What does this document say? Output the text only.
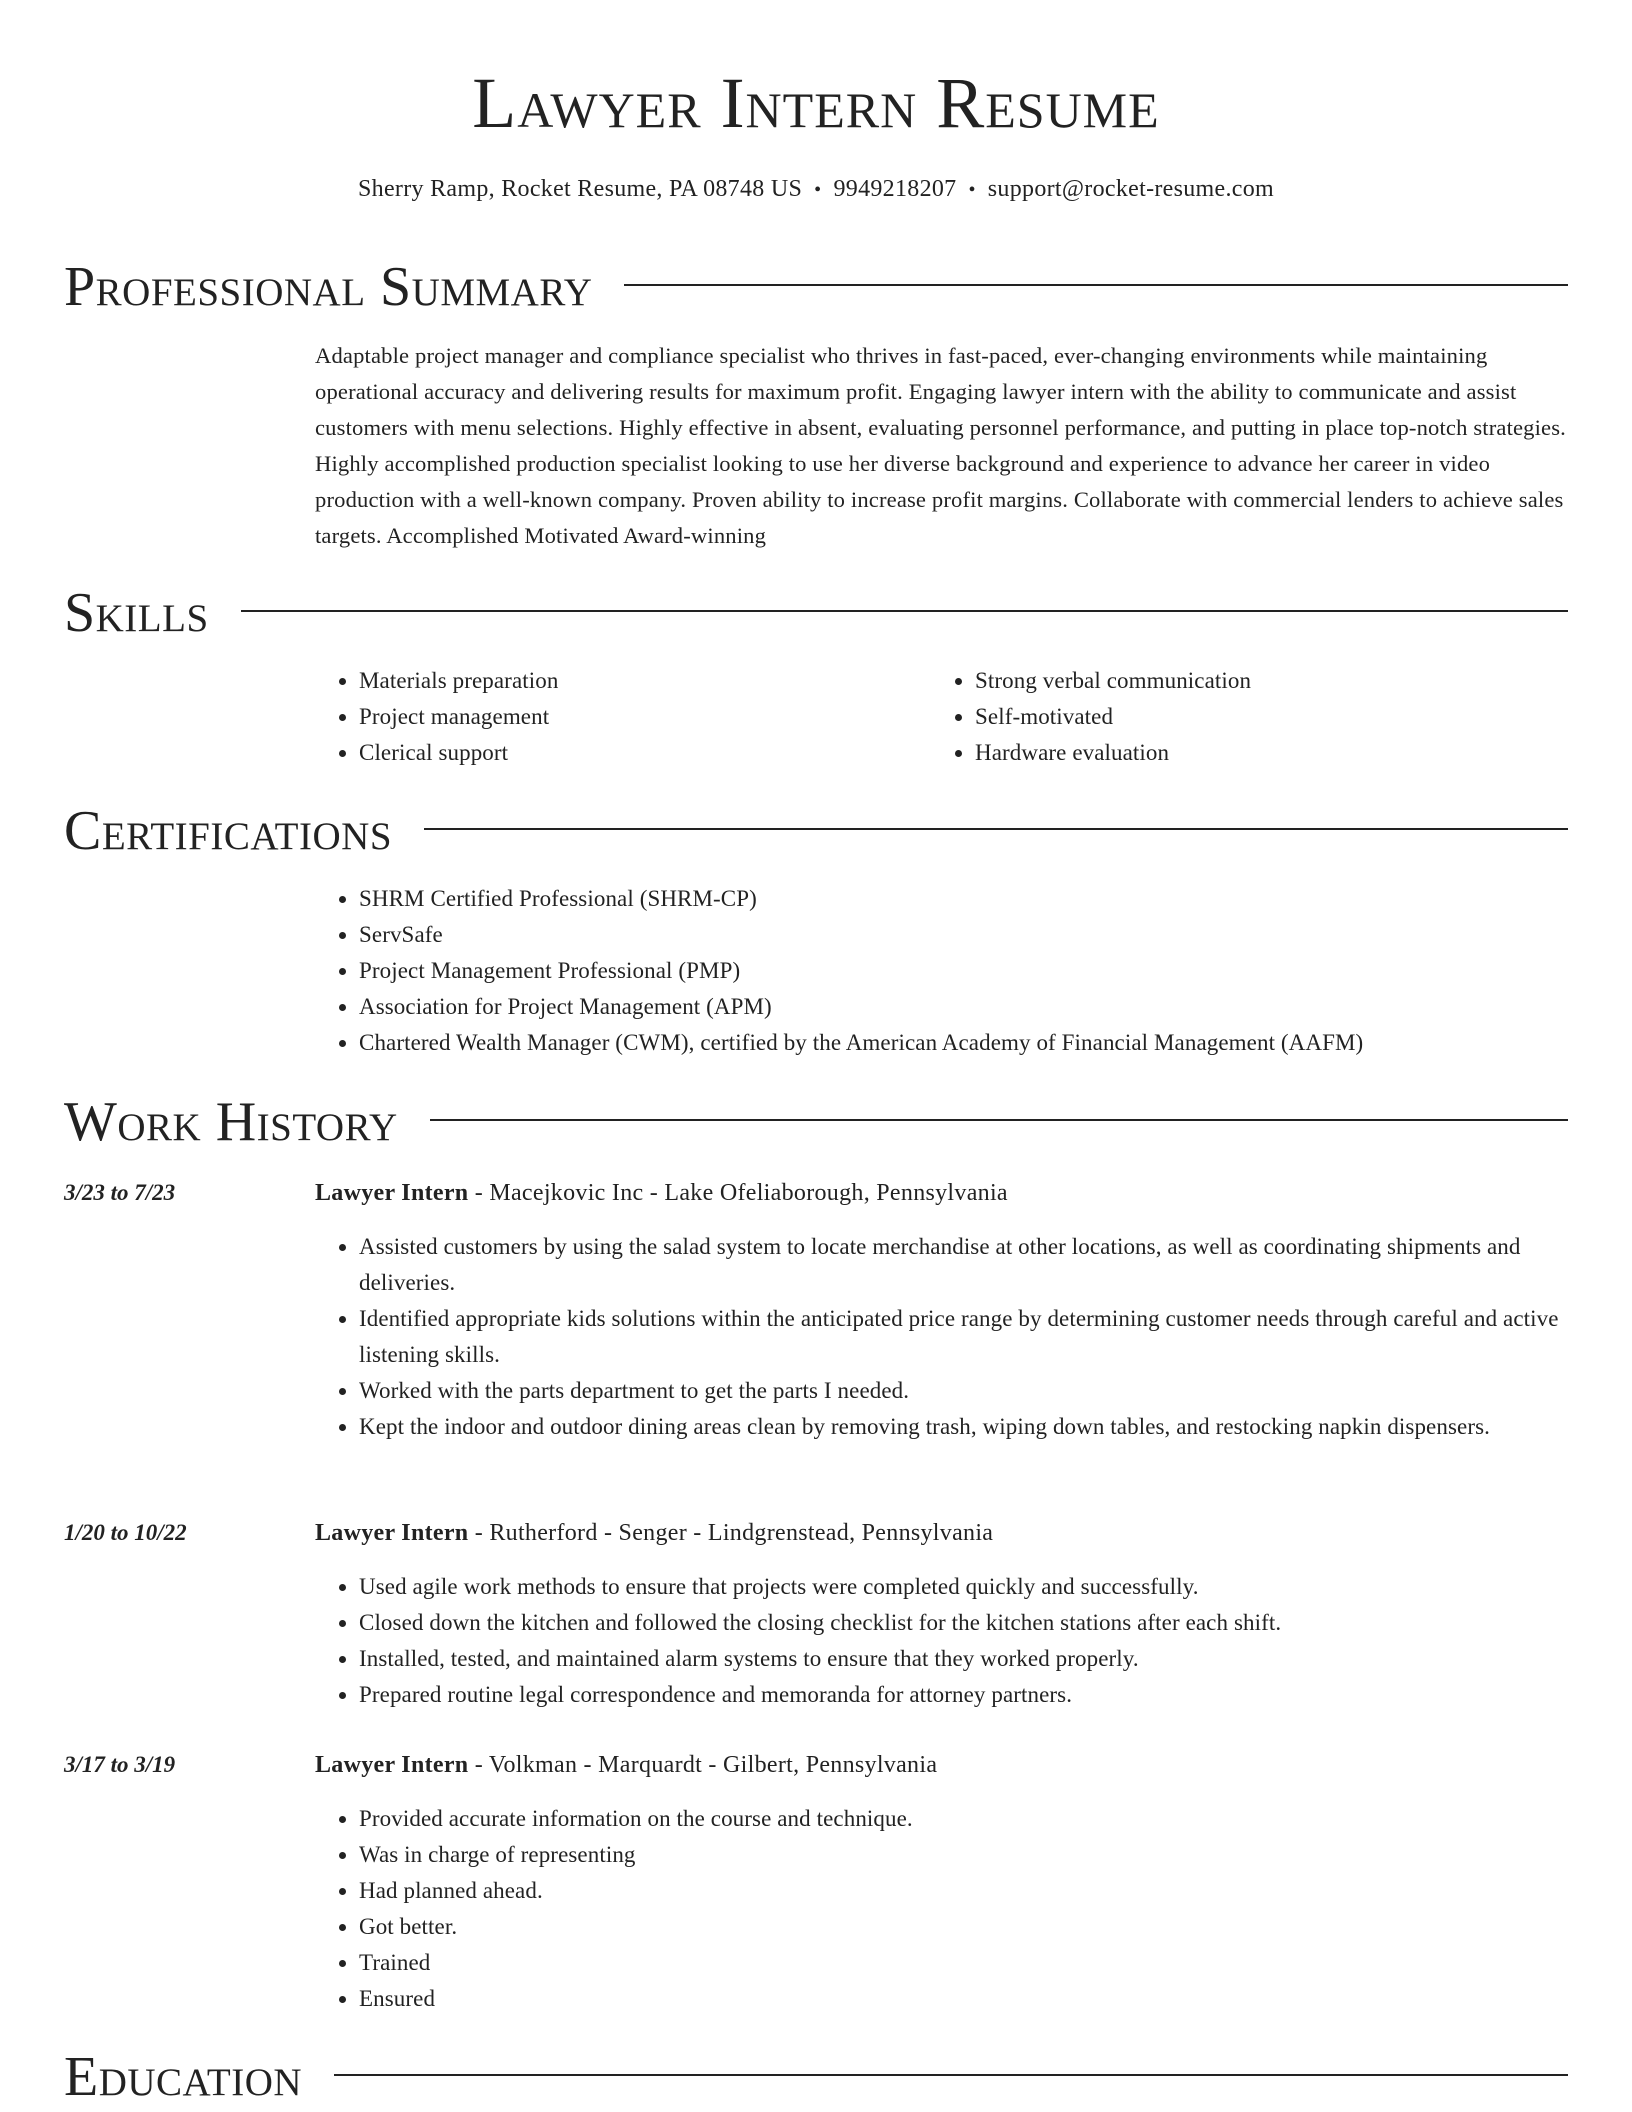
Lawyer Intern Resume
Sherry Ramp, Rocket Resume, PA 08748 US • 9949218207 • support@rocket-resume.com
Professional Summary

Adaptable project manager and compliance specialist who thrives in fast-paced, ever-changing environments while maintaining operational accuracy and delivering results for maximum profit. Engaging lawyer intern with the ability to communicate and assist customers with menu selections. Highly effective in absent, evaluating personnel performance, and putting in place top-notch strategies. Highly accomplished production specialist looking to use her diverse background and experience to advance her career in video production with a well-known company. Proven ability to increase profit margins. Collaborate with commercial lenders to achieve sales targets. Accomplished Motivated Award-winning

Skills
• Materials preparation
• Project management
• Clerical support
• Strong verbal communication
• Self-motivated
• Hardware evaluation
Certifications
• SHRM Certified Professional (SHRM-CP)
• ServSafe
• Project Management Professional (PMP)
• Association for Project Management (APM)
• Chartered Wealth Manager (CWM), certified by the American Academy of Financial Management (AAFM)
Work History
3/23 to 7/23	Lawyer Intern - Macejkovic Inc - Lake Ofeliaborough, Pennsylvania
• Assisted customers by using the salad system to locate merchandise at other locations, as well as coordinating shipments and deliveries.
• Identified appropriate kids solutions within the anticipated price range by determining customer needs through careful and active listening skills.
• Worked with the parts department to get the parts I needed.
• Kept the indoor and outdoor dining areas clean by removing trash, wiping down tables, and restocking napkin dispensers.
1/20 to 10/22	Lawyer Intern - Rutherford - Senger - Lindgrenstead, Pennsylvania
• Used agile work methods to ensure that projects were completed quickly and successfully.
• Closed down the kitchen and followed the closing checklist for the kitchen stations after each shift.
• Installed, tested, and maintained alarm systems to ensure that they worked properly.
• Prepared routine legal correspondence and memoranda for attorney partners.
3/17 to 3/19	Lawyer Intern - Volkman - Marquardt - Gilbert, Pennsylvania
• Provided accurate information on the course and technique.
• Was in charge of representing
• Had planned ahead.
• Got better.
• Trained
• Ensured
Education
